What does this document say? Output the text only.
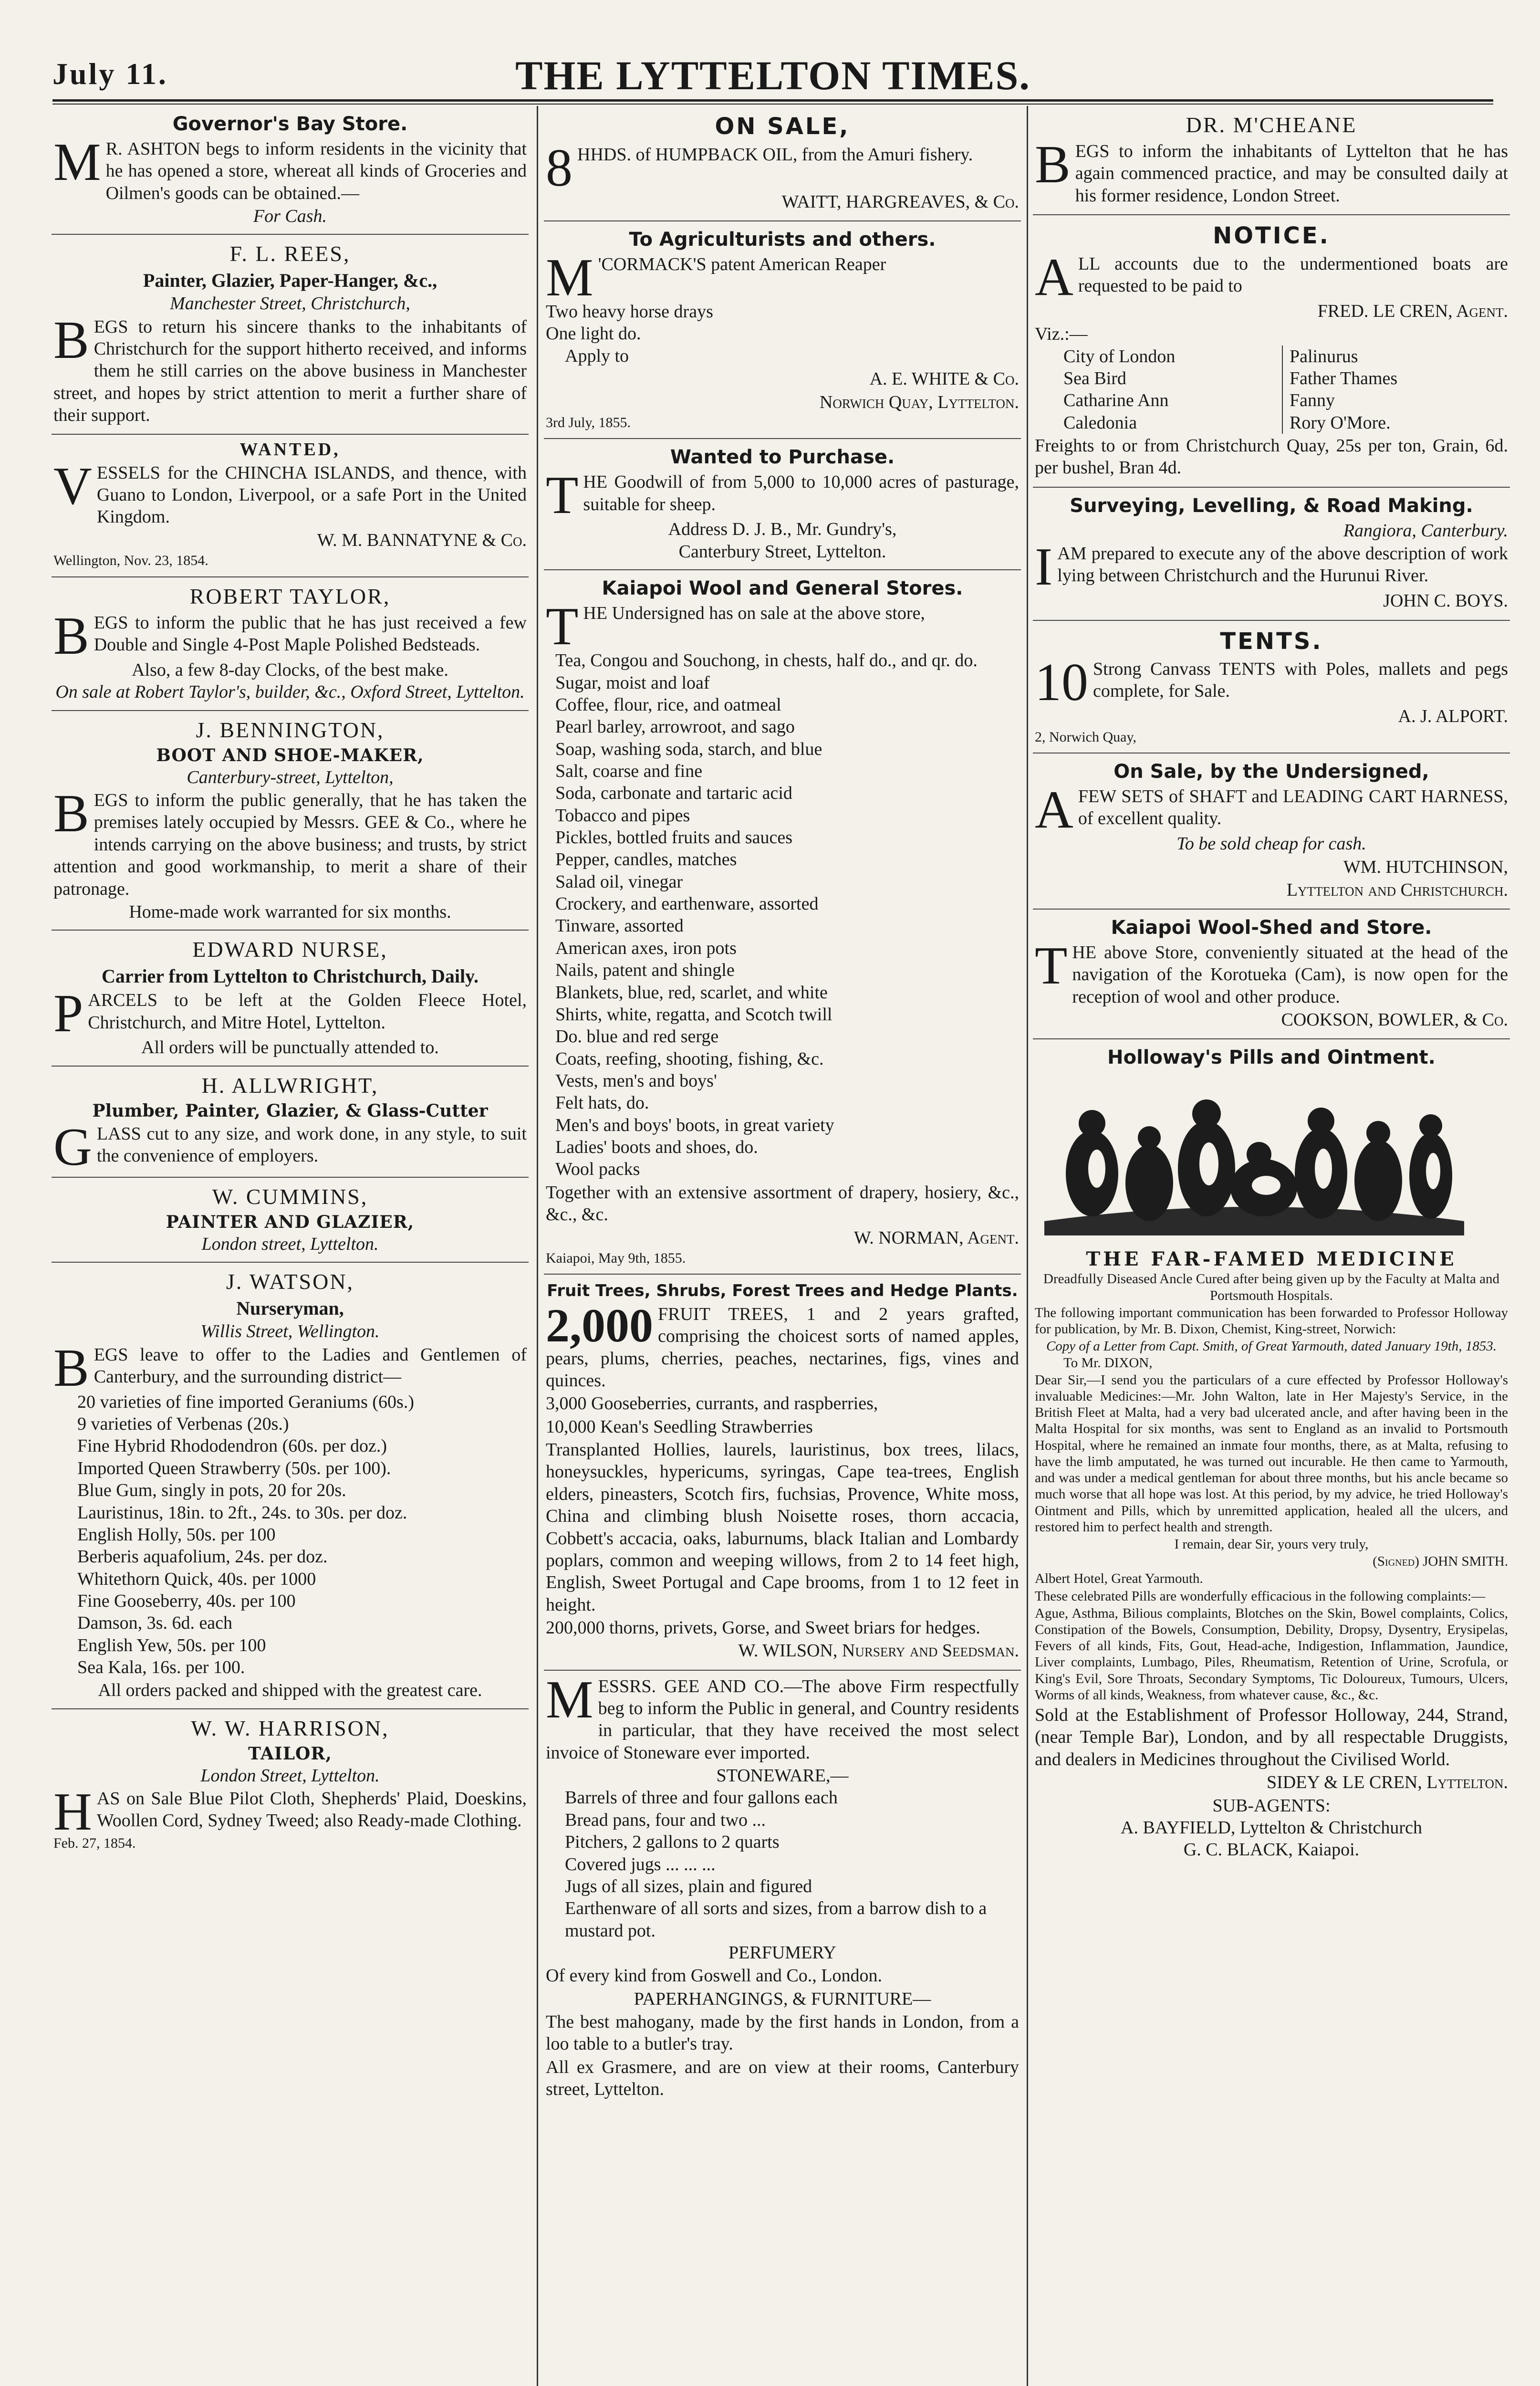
July 11.	THE LYTTELTON TIMES.
Governor's Bay Store.
M R. ASHTON begs to inform residents in the vicinity that he has opened a store, whereat all kinds of Groceries and Oilmen's goods can be obtained.—
For Cash.
F. L. REES,
Painter, Glazier, Paper-Hanger, &c.,
Manchester Street, Christchurch,
BEGS to return his sincere thanks to the inhabitants of Christchurch for the support hitherto received, and informs them he still carries on the above business in Manchester street, and hopes by strict attention to merit a further share of their support.
WANTED,
VESSELS for the CHINCHA ISLANDS, and thence, with Guano to London, Liverpool, or a safe Port in the United Kingdom.
W. M. BANNATYNE & Co.
Wellington, Nov. 23, 1854.
ROBERT TAYLOR,
BEGS to inform the public that he has just received a few Double and Single 4-Post Maple Polished Bedsteads.
Also, a few 8-day Clocks, of the best make.
On sale at Robert Taylor's, builder, &c., Oxford Street, Lyttelton.
J. BENNINGTON,
BOOT AND SHOE-MAKER,
Canterbury-street, Lyttelton,
BEGS to inform the public generally, that he has taken the premises lately occupied by Messrs. GEE & Co., where he intends carrying on the above business; and trusts, by strict attention and good workmanship, to merit a share of their patronage.
Home-made work warranted for six months.
EDWARD NURSE,
Carrier from Lyttelton to Christchurch, Daily.
PARCELS to be left at the Golden Fleece Hotel, Christchurch, and Mitre Hotel, Lyttelton.
All orders will be punctually attended to.
H. ALLWRIGHT,
Plumber, Painter, Glazier, & Glass-Cutter
GLASS cut to any size, and work done, in any style, to suit the convenience of employers.
W. CUMMINS,
PAINTER AND GLAZIER,
London street, Lyttelton.
J. WATSON,
Nurseryman,
Willis Street, Wellington.
BEGS leave to offer to the Ladies and Gentlemen of Canterbury, and the surrounding district—
20 varieties of fine imported Geraniums (60s.)
9 varieties of Verbenas (20s.)
Fine Hybrid Rhododendron (60s. per doz.)
Imported Queen Strawberry (50s. per 100).
Blue Gum, singly in pots, 20 for 20s.
Lauristinus, 18in. to 2ft., 24s. to 30s. per doz.
English Holly, 50s. per 100
Berberis aquafolium, 24s. per doz.
Whitethorn Quick, 40s. per 1000
Fine Gooseberry, 40s. per 100
Damson, 3s. 6d. each
English Yew, 50s. per 100
Sea Kala, 16s. per 100.
All orders packed and shipped with the greatest care.
W. W. HARRISON,
TAILOR,
London Street, Lyttelton.
HAS on Sale Blue Pilot Cloth, Shepherds' Plaid, Doeskins, Woollen Cord, Sydney Tweed; also Ready-made Clothing.
Feb. 27, 1854.
ON SALE,
8 HHDS. of HUMPBACK OIL, from the Amuri fishery.
WAITT, HARGREAVES, & Co.
To Agriculturists and others.
M 'CORMACK'S patent American Reaper
Two heavy horse drays
One light do.
Apply to
A. E. WHITE & Co.
Norwich Quay, Lyttelton.
3rd July, 1855.
Wanted to Purchase.
THE Goodwill of from 5,000 to 10,000 acres of pasturage, suitable for sheep.
Address D. J. B., Mr. Gundry's,
Canterbury Street, Lyttelton.
Kaiapoi Wool and General Stores.
THE Undersigned has on sale at the above store,
Tea, Congou and Souchong, in chests, half do., and qr. do.
Sugar, moist and loaf
Coffee, flour, rice, and oatmeal
Pearl barley, arrowroot, and sago
Soap, washing soda, starch, and blue
Salt, coarse and fine
Soda, carbonate and tartaric acid
Tobacco and pipes
Pickles, bottled fruits and sauces
Pepper, candles, matches
Salad oil, vinegar
Crockery, and earthenware, assorted
Tinware, assorted
American axes, iron pots
Nails, patent and shingle
Blankets, blue, red, scarlet, and white
Shirts, white, regatta, and Scotch twill
Do. blue and red serge
Coats, reefing, shooting, fishing, &c.
Vests, men's and boys'
Felt hats, do.
Men's and boys' boots, in great variety
Ladies' boots and shoes, do.
Wool packs
Together with an extensive assortment of drapery, hosiery, &c., &c., &c.
W. NORMAN, Agent.
Kaiapoi, May 9th, 1855.
Fruit Trees, Shrubs, Forest Trees and Hedge Plants.
2,000 FRUIT TREES, 1 and 2 years grafted, comprising the choicest sorts of named apples, pears, plums, cherries, peaches, nectarines, figs, vines and quinces.
3,000 Gooseberries, currants, and raspberries,
10,000 Kean's Seedling Strawberries
Transplanted Hollies, laurels, lauristinus, box trees, lilacs, honeysuckles, hypericums, syringas, Cape tea-trees, English elders, pineasters, Scotch firs, fuchsias, Provence, White moss, China and climbing blush Noisette roses, thorn accacia, Cobbett's accacia, oaks, laburnums, black Italian and Lombardy poplars, common and weeping willows, from 2 to 14 feet high, English, Sweet Portugal and Cape brooms, from 1 to 12 feet in height.
200,000 thorns, privets, Gorse, and Sweet briars for hedges.
W. WILSON, Nursery and Seedsman.
MESSRS. GEE AND CO.—The above Firm respectfully beg to inform the Public in general, and Country residents in particular, that they have received the most select invoice of Stoneware ever imported.
STONEWARE,—
Barrels of three and four gallons each
Bread pans, four and two ...
Pitchers, 2 gallons to 2 quarts
Covered jugs ... ... ...
Jugs of all sizes, plain and figured
Earthenware of all sorts and sizes, from a barrow dish to a mustard pot.
PERFUMERY
Of every kind from Goswell and Co., London.
PAPERHANGINGS, & FURNITURE—
The best mahogany, made by the first hands in London, from a loo table to a butler's tray.
All ex Grasmere, and are on view at their rooms, Canterbury street, Lyttelton.
DR. M'CHEANE
BEGS to inform the inhabitants of Lyttelton that he has again commenced practice, and may be consulted daily at his former residence, London Street.
NOTICE.
ALL accounts due to the undermentioned boats are requested to be paid to
FRED. LE CREN, Agent.
Viz.:—
City of London
Sea Bird
Catharine Ann
Caledonia
Palinurus
Father Thames
Fanny
Rory O'More.
Freights to or from Christchurch Quay, 25s per ton, Grain, 6d. per bushel, Bran 4d.
Surveying, Levelling, & Road Making.
Rangiora, Canterbury.
IAM prepared to execute any of the above description of work lying between Christchurch and the Hurunui River.
JOHN C. BOYS.
TENTS.
10 Strong Canvass TENTS with Poles, mallets and pegs complete, for Sale.
A. J. ALPORT.
2, Norwich Quay,
On Sale, by the Undersigned,
AFEW SETS of SHAFT and LEADING CART HARNESS, of excellent quality.
To be sold cheap for cash.
WM. HUTCHINSON,
Lyttelton and Christchurch.
Kaiapoi Wool-Shed and Store.
THE above Store, conveniently situated at the head of the navigation of the Korotueka (Cam), is now open for the reception of wool and other produce.
COOKSON, BOWLER, & Co.
Holloway's Pills and Ointment.
THE FAR-FAMED MEDICINE
Dreadfully Diseased Ancle Cured after being given up by the Faculty at Malta and Portsmouth Hospitals.
The following important communication has been forwarded to Professor Holloway for publication, by Mr. B. Dixon, Chemist, King-street, Norwich:
Copy of a Letter from Capt. Smith, of Great Yarmouth, dated January 19th, 1853.
To Mr. DIXON,
Dear Sir,—I send you the particulars of a cure effected by Professor Holloway's invaluable Medicines:—Mr. John Walton, late in Her Majesty's Service, in the British Fleet at Malta, had a very bad ulcerated ancle, and after having been in the Malta Hospital for six months, was sent to England as an invalid to Portsmouth Hospital, where he remained an inmate four months, there, as at Malta, refusing to have the limb amputated, he was turned out incurable. He then came to Yarmouth, and was under a medical gentleman for about three months, but his ancle became so much worse that all hope was lost. At this period, by my advice, he tried Holloway's Ointment and Pills, which by unremitted application, healed all the ulcers, and restored him to perfect health and strength.
I remain, dear Sir, yours very truly,
(Signed) JOHN SMITH.
Albert Hotel, Great Yarmouth.
These celebrated Pills are wonderfully efficacious in the following complaints:—
Ague, Asthma, Bilious complaints, Blotches on the Skin, Bowel complaints, Colics, Constipation of the Bowels, Consumption, Debility, Dropsy, Dysentry, Erysipelas, Fevers of all kinds, Fits, Gout, Head-ache, Indigestion, Inflammation, Jaundice, Liver complaints, Lumbago, Piles, Rheumatism, Retention of Urine, Scrofula, or King's Evil, Sore Throats, Secondary Symptoms, Tic Doloureux, Tumours, Ulcers, Worms of all kinds, Weakness, from whatever cause, &c., &c.
Sold at the Establishment of Professor Holloway, 244, Strand, (near Temple Bar), London, and by all respectable Druggists, and dealers in Medicines throughout the Civilised World.
SIDEY & LE CREN, Lyttelton.
SUB-AGENTS:
A. BAYFIELD, Lyttelton & Christchurch
G. C. BLACK, Kaiapoi.
